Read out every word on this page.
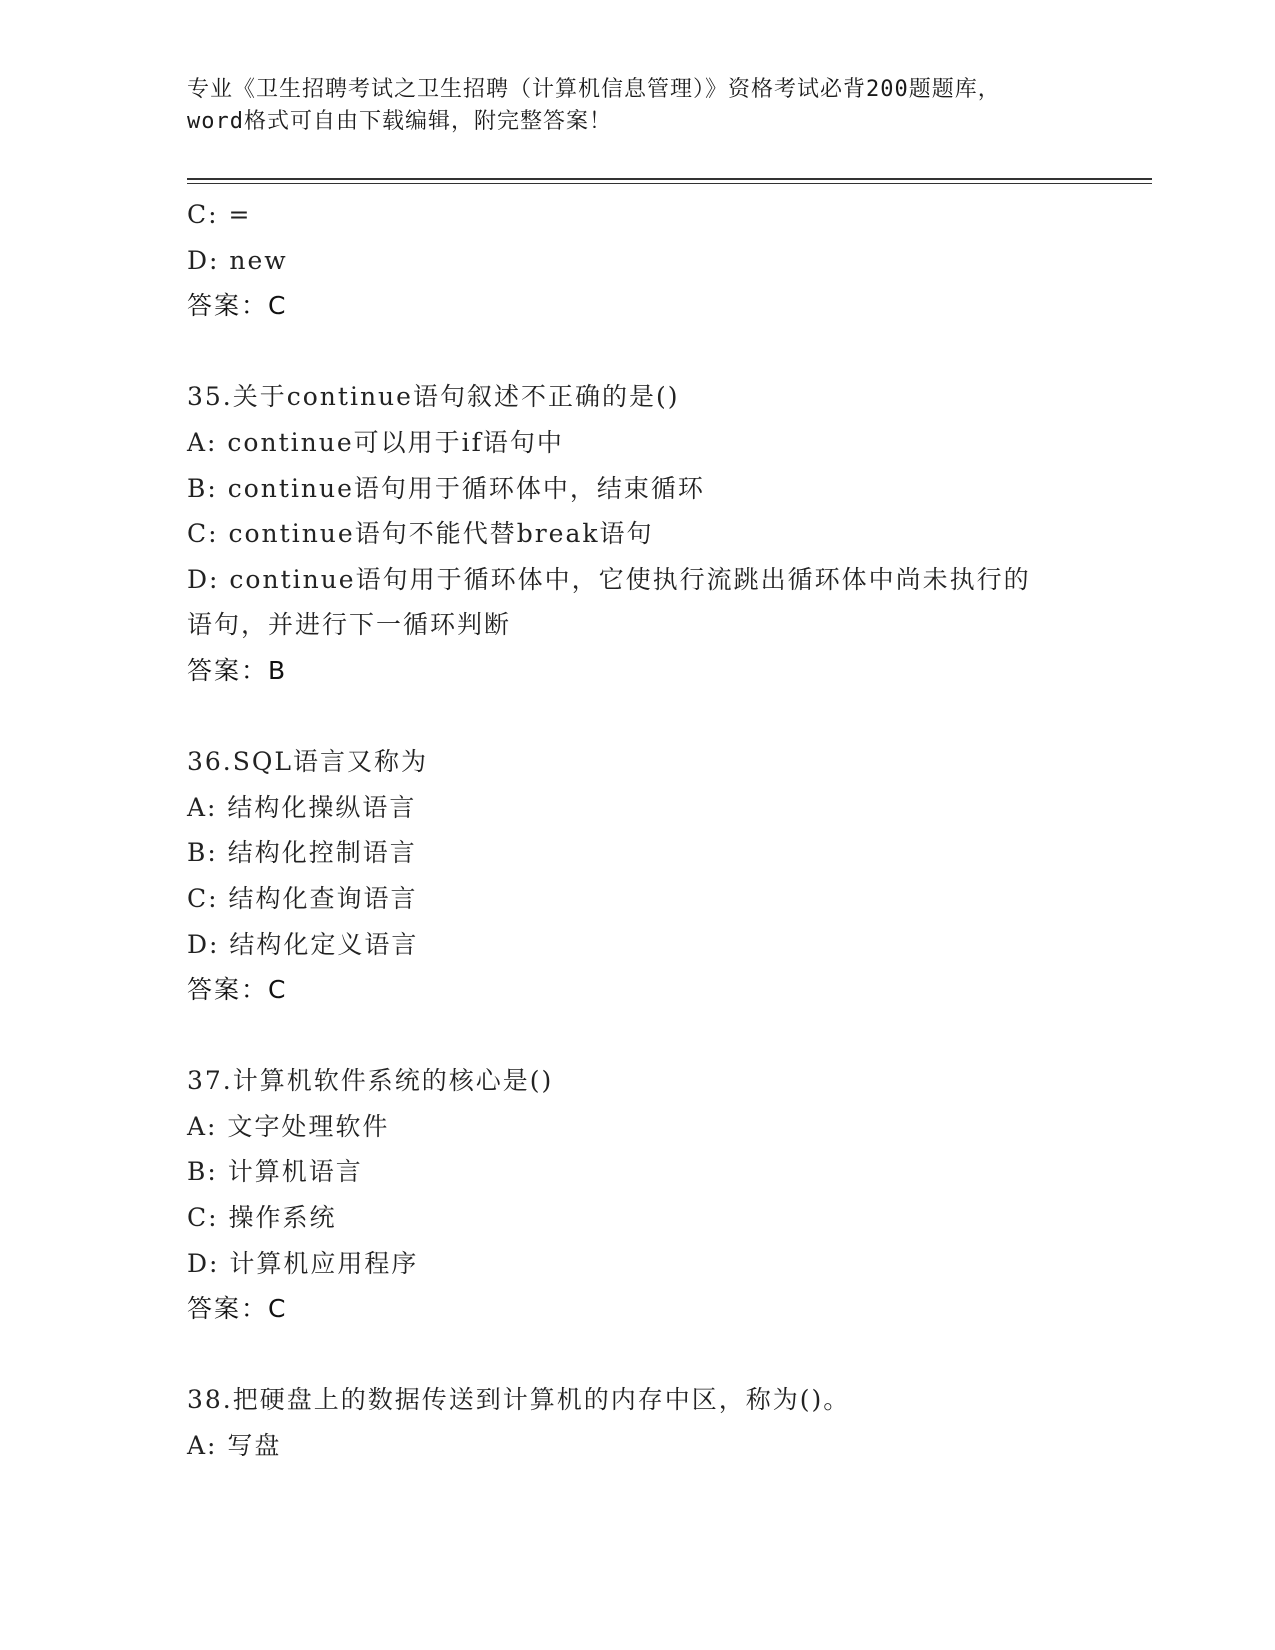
专业《卫生招聘考试之卫生招聘（计算机信息管理）》资格考试必背200题题库，
word格式可自由下载编辑，附完整答案！
C: =
D: new
答案：C
35.关于continue语句叙述不正确的是()
A: continue可以用于if语句中
B: continue语句用于循环体中，结束循环
C: continue语句不能代替break语句
D: continue语句用于循环体中，它使执行流跳出循环体中尚未执行的
语句，并进行下一循环判断
答案：B
36.SQL语言又称为
A: 结构化操纵语言
B: 结构化控制语言
C: 结构化查询语言
D: 结构化定义语言
答案：C
37.计算机软件系统的核心是()
A: 文字处理软件
B: 计算机语言
C: 操作系统
D: 计算机应用程序
答案：C
38.把硬盘上的数据传送到计算机的内存中区，称为()。
A: 写盘
